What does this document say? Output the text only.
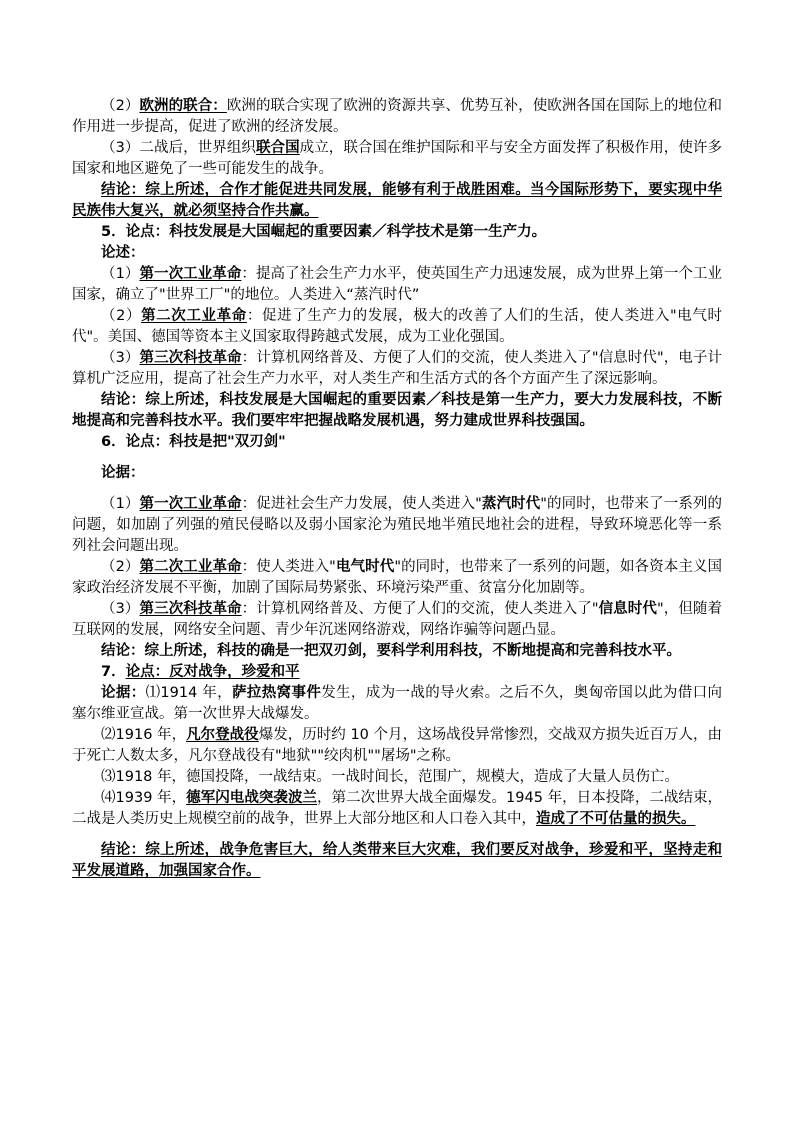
（2）欧洲的联合：欧洲的联合实现了欧洲的资源共享、优势互补，使欧洲各国在国际上的地位和作用进一步提高，促进了欧洲的经济发展。

（3）二战后，世界组织联合国成立，联合国在维护国际和平与安全方面发挥了积极作用，使许多国家和地区避免了一些可能发生的战争。

结论：综上所述，合作才能促进共同发展，能够有利于战胜困难。当今国际形势下，要实现中华民族伟大复兴，就必须坚持合作共赢。

5．论点：科技发展是大国崛起的重要因素／科学技术是第一生产力。

论述：

（1）第一次工业革命：提高了社会生产力水平，使英国生产力迅速发展，成为世界上第一个工业国家，确立了"世界工厂"的地位。人类进入“蒸汽时代”

（2）第二次工业革命：促进了生产力的发展，极大的改善了人们的生活，使人类进入"电气时代"。美国、德国等资本主义国家取得跨越式发展，成为工业化强国。

（3）第三次科技革命：计算机网络普及、方便了人们的交流，使人类进入了"信息时代"，电子计算机广泛应用，提高了社会生产力水平，对人类生产和生活方式的各个方面产生了深远影响。

结论：综上所述，科技发展是大国崛起的重要因素／科技是第一生产力，要大力发展科技，不断地提高和完善科技水平。我们要牢牢把握战略发展机遇，努力建成世界科技强国。

6．论点：科技是把"双刃剑"

论据：

（1）第一次工业革命：促进社会生产力发展，使人类进入"蒸汽时代"的同时，也带来了一系列的问题，如加剧了列强的殖民侵略以及弱小国家沦为殖民地半殖民地社会的进程，导致环境恶化等一系列社会问题出现。

（2）第二次工业革命：使人类进入"电气时代"的同时，也带来了一系列的问题，如各资本主义国家政治经济发展不平衡，加剧了国际局势紧张、环境污染严重、贫富分化加剧等。

（3）第三次科技革命：计算机网络普及、方便了人们的交流，使人类进入了"信息时代"，但随着互联网的发展，网络安全问题、青少年沉迷网络游戏，网络诈骗等问题凸显。

结论：综上所述，科技的确是一把双刃剑，要科学利用科技，不断地提高和完善科技水平。

7．论点：反对战争，珍爱和平

论据：⑴1914 年，萨拉热窝事件发生，成为一战的导火索。之后不久，奥匈帝国以此为借口向塞尔维亚宣战。第一次世界大战爆发。

⑵1916 年，凡尔登战役爆发，历时约 10 个月，这场战役异常惨烈，交战双方损失近百万人，由于死亡人数太多，凡尔登战役有"地狱""绞肉机""屠场"之称。

⑶1918 年，德国投降，一战结束。一战时间长，范围广，规模大，造成了大量人员伤亡。

⑷1939 年，德军闪电战突袭波兰，第二次世界大战全面爆发。1945 年，日本投降，二战结束，二战是人类历史上规模空前的战争，世界上大部分地区和人口卷入其中，造成了不可估量的损失。

结论：综上所述，战争危害巨大，给人类带来巨大灾难，我们要反对战争，珍爱和平，坚持走和平发展道路，加强国家合作。
